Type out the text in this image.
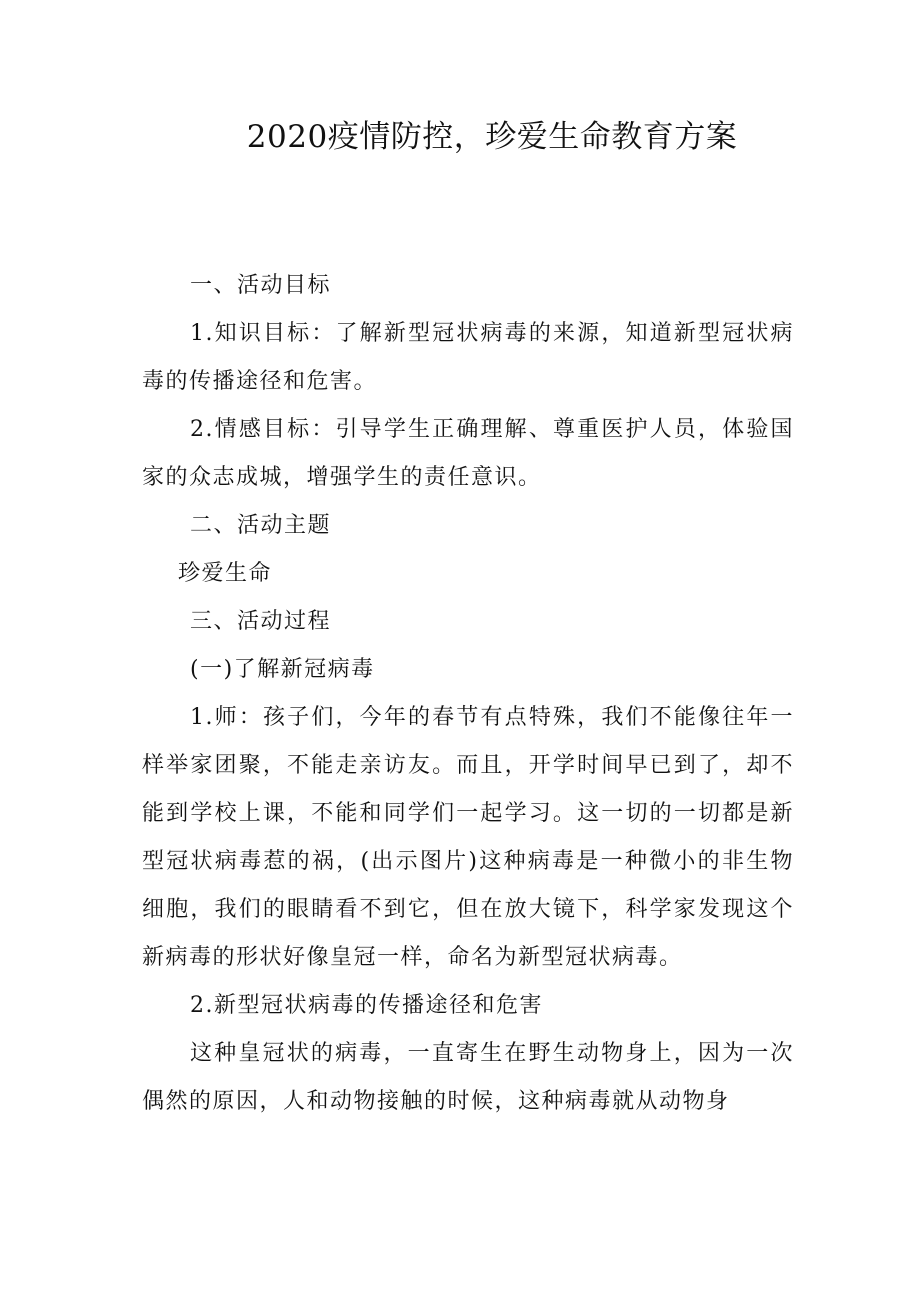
2020疫情防控，珍爱生命教育方案

一、活动目标

1.知识目标：了解新型冠状病毒的来源，知道新型冠状病毒的传播途径和危害。

2.情感目标：引导学生正确理解、尊重医护人员，体验国家的众志成城，增强学生的责任意识。

二、活动主题

珍爱生命

三、活动过程

(一)了解新冠病毒

1.师：孩子们，今年的春节有点特殊，我们不能像往年一样举家团聚，不能走亲访友。而且，开学时间早已到了，却不能到学校上课，不能和同学们一起学习。这一切的一切都是新型冠状病毒惹的祸，(出示图片)这种病毒是一种微小的非生物细胞，我们的眼睛看不到它，但在放大镜下，科学家发现这个新病毒的形状好像皇冠一样，命名为新型冠状病毒。

2.新型冠状病毒的传播途径和危害

这种皇冠状的病毒，一直寄生在野生动物身上，因为一次偶然的原因，人和动物接触的时候，这种病毒就从动物身
